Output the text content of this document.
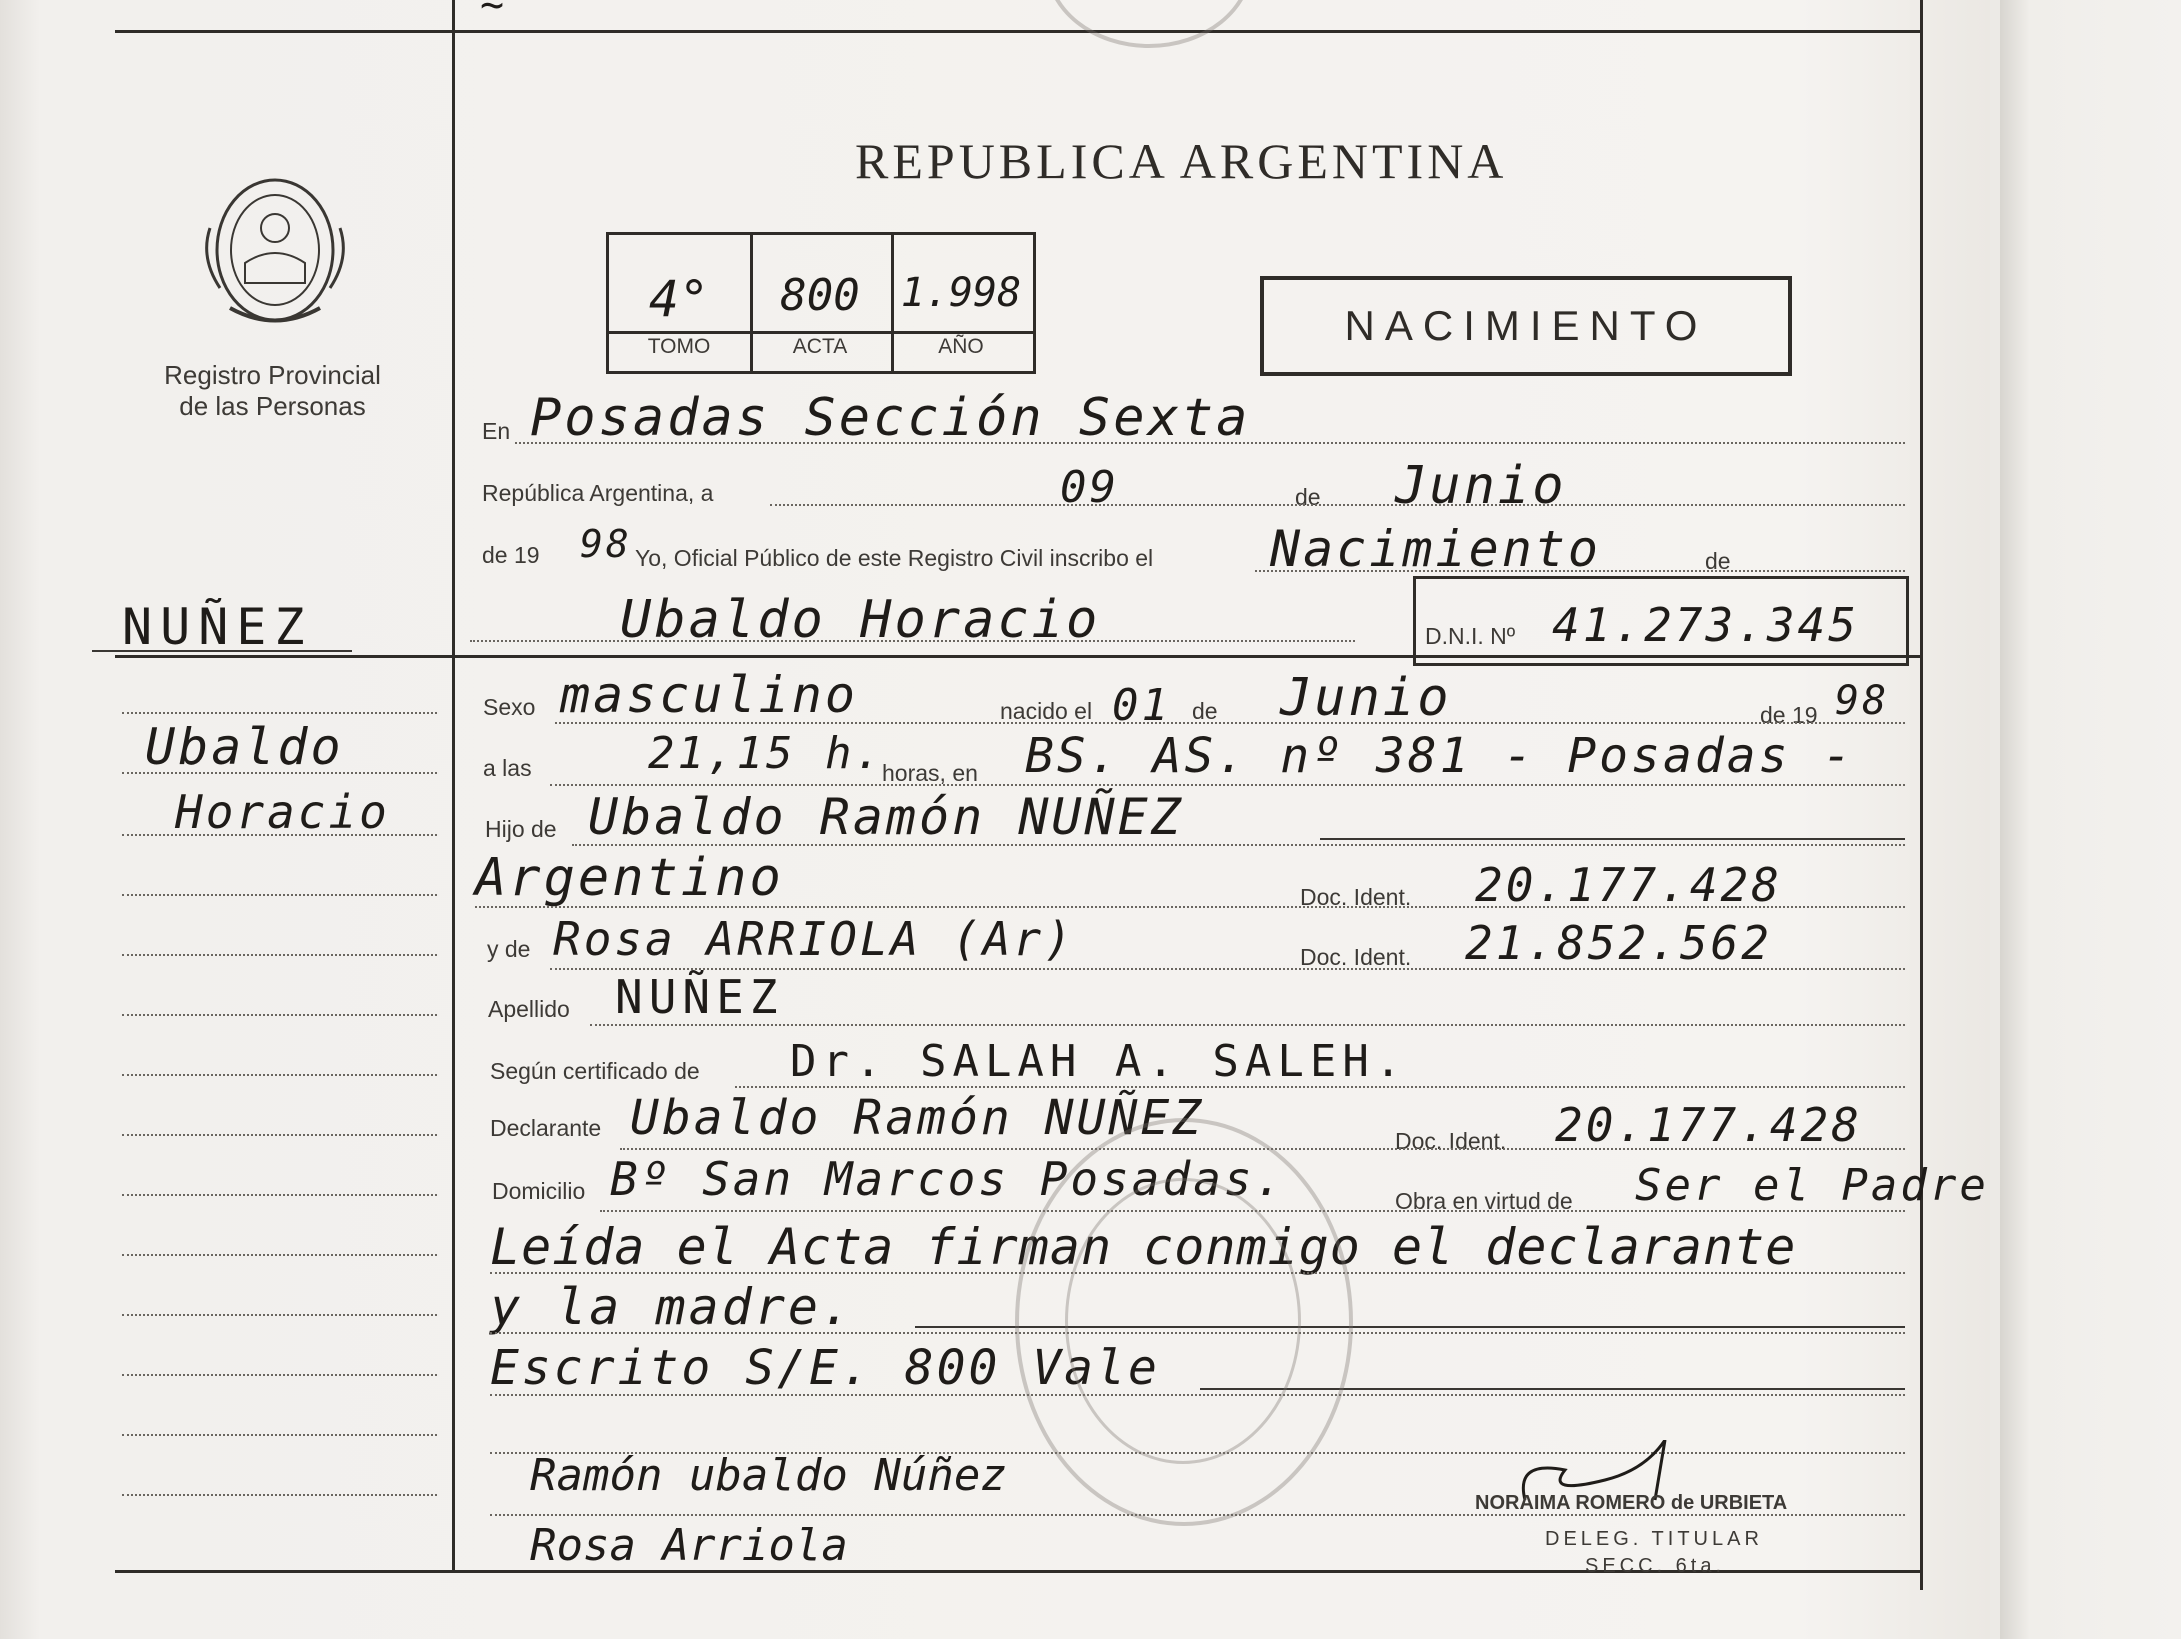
~
Registro Provincial
de las Personas
NUÑEZ
Ubaldo
Horacio
REPUBLICA ARGENTINA
4°	800	1.998
TOMO	ACTA	AÑO	NACIMIENTO
En Posadas Sección Sexta
República Argentina, a	09	de Junio
de 19 98 Yo, Oficial Público de este Registro Civil inscribo el Nacimiento	de
Ubaldo Horacio	D.N.I. Nº 41.273.345
Sexo masculino	nacido el 01 de Junio	de 19 98
a las	21,15 h.
horas, en BS. AS. nº 381 - Posadas -
Hijo de Ubaldo Ramón NUÑEZ
Argentino	Doc. Ident. 20.177.428
y de Rosa ARRIOLA (Ar)	Doc. Ident. 21.852.562
Apellido NUÑEZ
Según certificado de Dr. SALAH A. SALEH.
Declarante Ubaldo Ramón NUÑEZ	Doc. Ident. 20.177.428
Domicilio Bº San Marcos Posadas.	Obra en virtud de Ser el Padre
Leída el Acta firman conmigo el declarante
y la madre.
Escrito S/E. 800 Vale
Ramón ubaldo Núñez
Rosa Arriola
NORAIMA ROMERO de URBIETA
DELEG. TITULAR
SECC. 6ta.
